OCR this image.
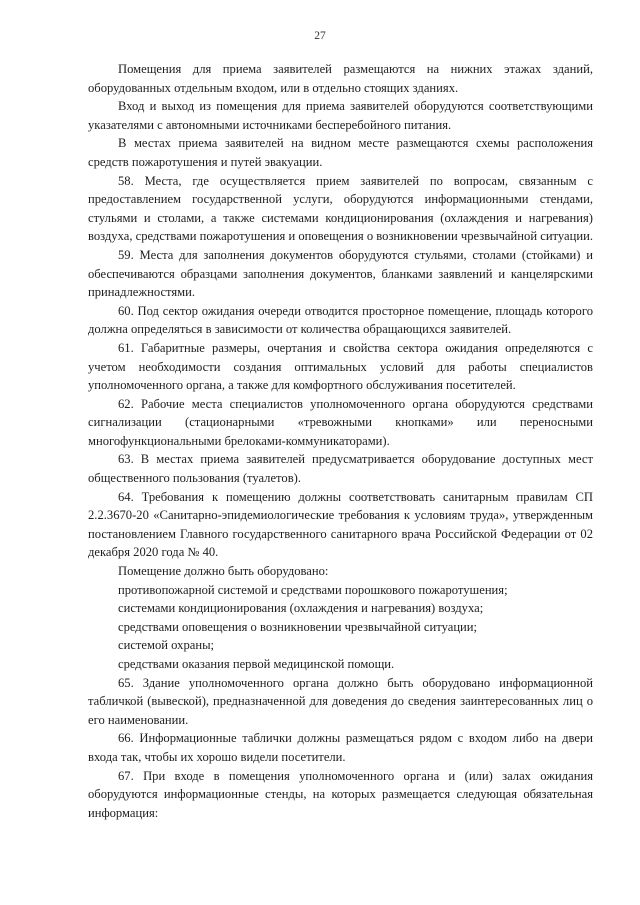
27

Помещения для приема заявителей размещаются на нижних этажах зданий, оборудованных отдельным входом, или в отдельно стоящих зданиях.

Вход и выход из помещения для приема заявителей оборудуются соответствующими указателями с автономными источниками бесперебойного питания.

В местах приема заявителей на видном месте размещаются схемы расположения средств пожаротушения и путей эвакуации.

58. Места, где осуществляется прием заявителей по вопросам, связанным с предоставлением государственной услуги, оборудуются информационными стендами, стульями и столами, а также системами кондиционирования (охлаждения и нагревания) воздуха, средствами пожаротушения и оповещения о возникновении чрезвычайной ситуации.

59. Места для заполнения документов оборудуются стульями, столами (стойками) и обеспечиваются образцами заполнения документов, бланками заявлений и канцелярскими принадлежностями.

60. Под сектор ожидания очереди отводится просторное помещение, площадь которого должна определяться в зависимости от количества обращающихся заявителей.

61. Габаритные размеры, очертания и свойства сектора ожидания определяются с учетом необходимости создания оптимальных условий для работы специалистов уполномоченного органа, а также для комфортного обслуживания посетителей.

62. Рабочие места специалистов уполномоченного органа оборудуются средствами сигнализации (стационарными «тревожными кнопками» или переносными многофункциональными брелоками-коммуникаторами).

63. В местах приема заявителей предусматривается оборудование доступных мест общественного пользования (туалетов).

64. Требования к помещению должны соответствовать санитарным правилам СП 2.2.3670-20 «Санитарно-эпидемиологические требования к условиям труда», утвержденным постановлением Главного государственного санитарного врача Российской Федерации от 02 декабря 2020 года № 40.

Помещение должно быть оборудовано:

противопожарной системой и средствами порошкового пожаротушения;

системами кондиционирования (охлаждения и нагревания) воздуха;

средствами оповещения о возникновении чрезвычайной ситуации;

системой охраны;

средствами оказания первой медицинской помощи.

65. Здание уполномоченного органа должно быть оборудовано информационной табличкой (вывеской), предназначенной для доведения до сведения заинтересованных лиц о его наименовании.

66. Информационные таблички должны размещаться рядом с входом либо на двери входа так, чтобы их хорошо видели посетители.

67. При входе в помещения уполномоченного органа и (или) залах ожидания оборудуются информационные стенды, на которых размещается следующая обязательная информация:
